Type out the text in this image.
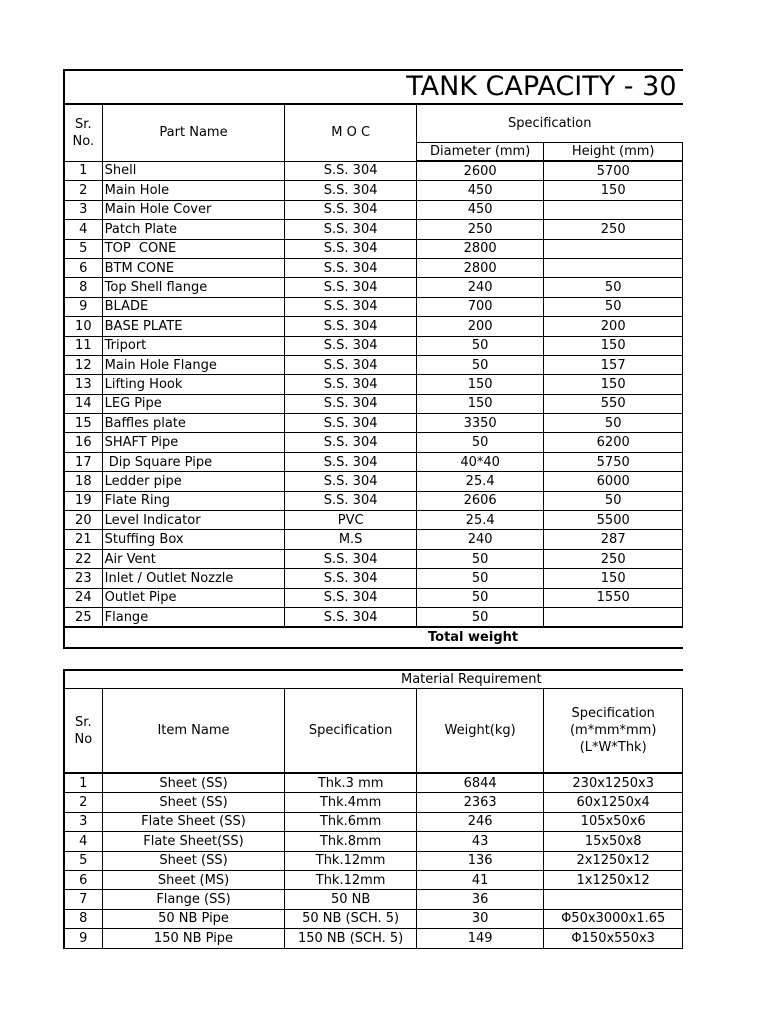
TANK CAPACITY - 30				
Sr. No.	Part Name	M O C	Specification	
			Diameter (mm)	Height (mm)
1	Shell	S.S. 304	2600	5700
2	Main Hole	S.S. 304	450	150
3	Main Hole Cover	S.S. 304	450	
4	Patch Plate	S.S. 304	250	250
5	TOP  CONE	S.S. 304	2800	
6	BTM CONE	S.S. 304	2800	
8	Top Shell flange	S.S. 304	240	50
9	BLADE	S.S. 304	700	50
10	BASE PLATE	S.S. 304	200	200
11	Triport	S.S. 304	50	150
12	Main Hole Flange	S.S. 304	50	157
13	Lifting Hook	S.S. 304	150	150
14	LEG Pipe	S.S. 304	150	550
15	Baffles plate	S.S. 304	3350	50
16	SHAFT Pipe	S.S. 304	50	6200
17	Dip Square Pipe	S.S. 304	40*40	5750
18	Ledder pipe	S.S. 304	25.4	6000
19	Flate Ring	S.S. 304	2606	50
20	Level Indicator	PVC	25.4	5500
21	Stuffing Box	M.S	240	287
22	Air Vent	S.S. 304	50	250
23	Inlet / Outlet Nozzle	S.S. 304	50	150
24	Outlet Pipe	S.S. 304	50	1550
25	Flange	S.S. 304	50	
Total weight				
Material Requirement				
Sr. No	Item Name	Specification	Weight(kg)	Specification (m*mm*mm) (L*W*Thk)
1	Sheet (SS)	Thk.3 mm	6844	230x1250x3
2	Sheet (SS)	Thk.4mm	2363	60x1250x4
3	Flate Sheet (SS)	Thk.6mm	246	105x50x6
4	Flate Sheet(SS)	Thk.8mm	43	15x50x8
5	Sheet (SS)	Thk.12mm	136	2x1250x12
6	Sheet (MS)	Thk.12mm	41	1x1250x12
7	Flange (SS)	50 NB	36	
8	50 NB Pipe	50 NB (SCH. 5)	30	Φ50x3000x1.65
9	150 NB Pipe	150 NB (SCH. 5)	149	Φ150x550x3
